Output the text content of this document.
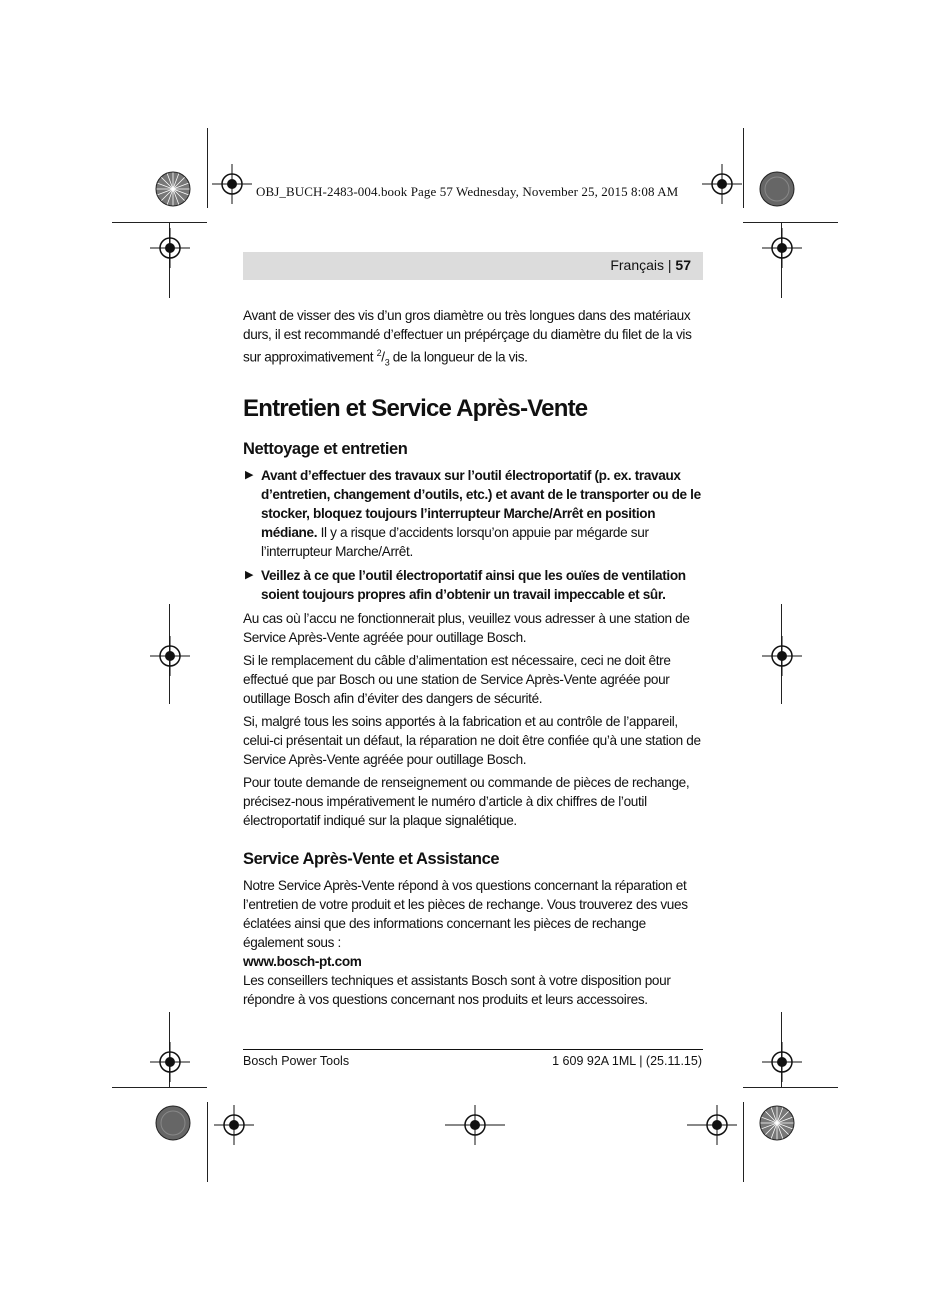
OBJ_BUCH-2483-004.book Page 57 Wednesday, November 25, 2015 8:08 AM
Français | 57

Avant de visser des vis d’un gros diamètre ou très longues dans des matériaux durs, il est recommandé d’effectuer un prépérçage du diamètre du filet de la vis sur approximativement $^2/_3$ de la longueur de la vis.

Entretien et Service Après-Vente
Nettoyage et entretien
▶ Avant d’effectuer des travaux sur l’outil électroportatif (p. ex. travaux d’entretien, changement d’outils, etc.) et avant de le transporter ou de le stocker, bloquez toujours l’interrupteur Marche/Arrêt en position médiane. Il y a risque d’accidents lorsqu’on appuie par mégarde sur l’interrupteur Marche/Arrêt.
▶ Veillez à ce que l’outil électroportatif ainsi que les ouïes de ventilation soient toujours propres afin d’obtenir un travail impeccable et sûr.

Au cas où l’accu ne fonctionnerait plus, veuillez vous adresser à une station de Service Après-Vente agréée pour outillage Bosch.

Si le remplacement du câble d’alimentation est nécessaire, ceci ne doit être effectué que par Bosch ou une station de Service Après-Vente agréée pour outillage Bosch afin d’éviter des dangers de sécurité.

Si, malgré tous les soins apportés à la fabrication et au contrôle de l’appareil, celui-ci présentait un défaut, la réparation ne doit être confiée qu’à une station de Service Après-Vente agréée pour outillage Bosch.

Pour toute demande de renseignement ou commande de pièces de rechange, précisez-nous impérativement le numéro d’article à dix chiffres de l’outil électroportatif indiqué sur la plaque signalétique.

Service Après-Vente et Assistance

Notre Service Après-Vente répond à vos questions concernant la réparation et l’entretien de votre produit et les pièces de rechange. Vous trouverez des vues éclatées ainsi que des informations concernant les pièces de rechange également sous :
www.bosch-pt.com
Les conseillers techniques et assistants Bosch sont à votre disposition pour répondre à vos questions concernant nos produits et leurs accessoires.

Bosch Power Tools	1 609 92A 1ML | (25.11.15)
